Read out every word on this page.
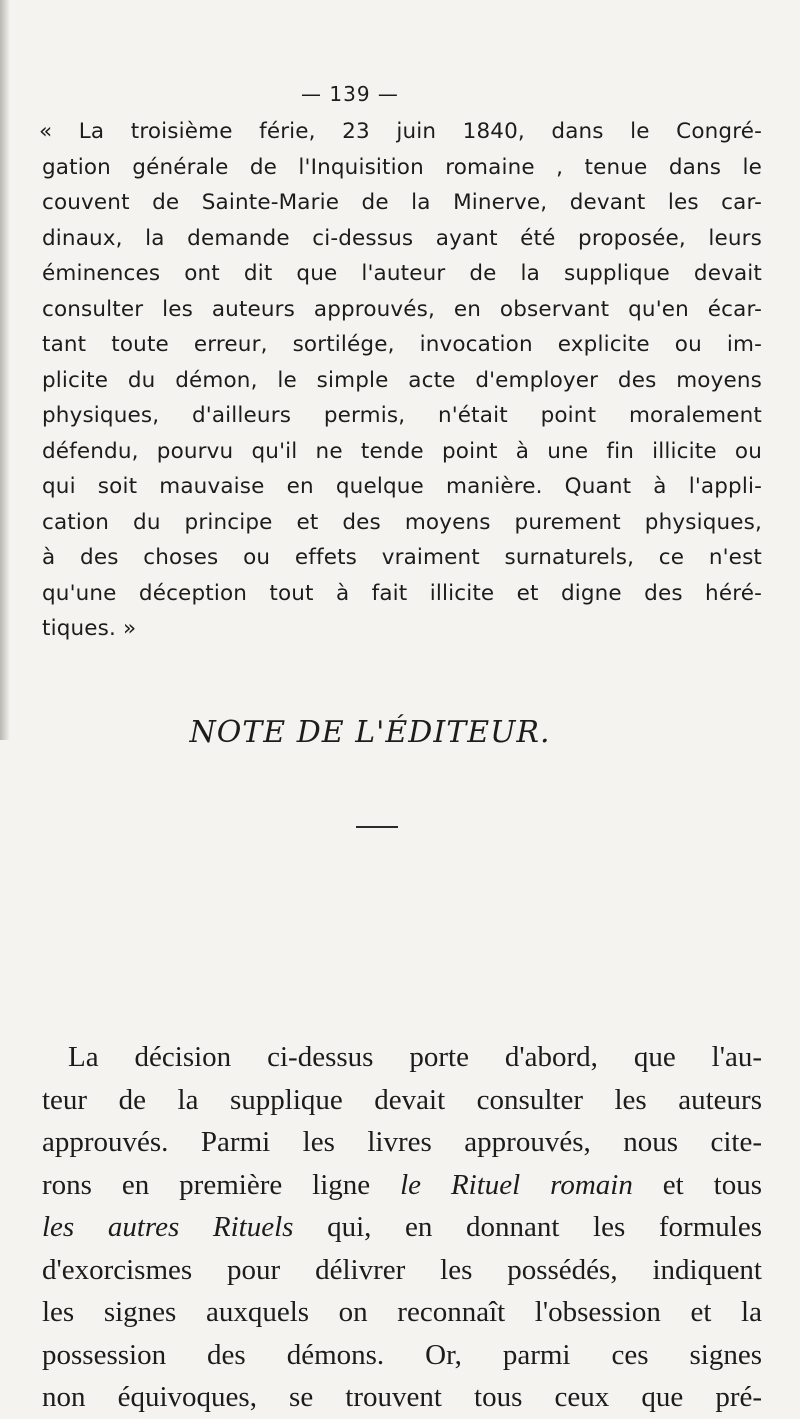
— 139 —
« La troisième férie, 23 juin 1840, dans le Congré-
gation générale de l'Inquisition romaine , tenue dans le
couvent de Sainte-Marie de la Minerve, devant les car-
dinaux, la demande ci-dessus ayant été proposée, leurs
éminences ont dit que l'auteur de la supplique devait
consulter les auteurs approuvés, en observant qu'en écar-
tant toute erreur, sortilége, invocation explicite ou im-
plicite du démon, le simple acte d'employer des moyens
physiques, d'ailleurs permis, n'était point moralement
défendu, pourvu qu'il ne tende point à une fin illicite ou
qui soit mauvaise en quelque manière. Quant à l'appli-
cation du principe et des moyens purement physiques,
à des choses ou effets vraiment surnaturels, ce n'est
qu'une déception tout à fait illicite et digne des héré-
tiques. »
NOTE DE L'ÉDITEUR.
La décision ci-dessus porte d'abord, que l'au-
teur de la supplique devait consulter les auteurs
approuvés. Parmi les livres approuvés, nous cite-
rons en première ligne le Rituel romain et tous
les autres Rituels qui, en donnant les formules
d'exorcismes pour délivrer les possédés, indiquent
les signes auxquels on reconnaît l'obsession et la
possession des démons. Or, parmi ces signes
non équivoques, se trouvent tous ceux que pré-
